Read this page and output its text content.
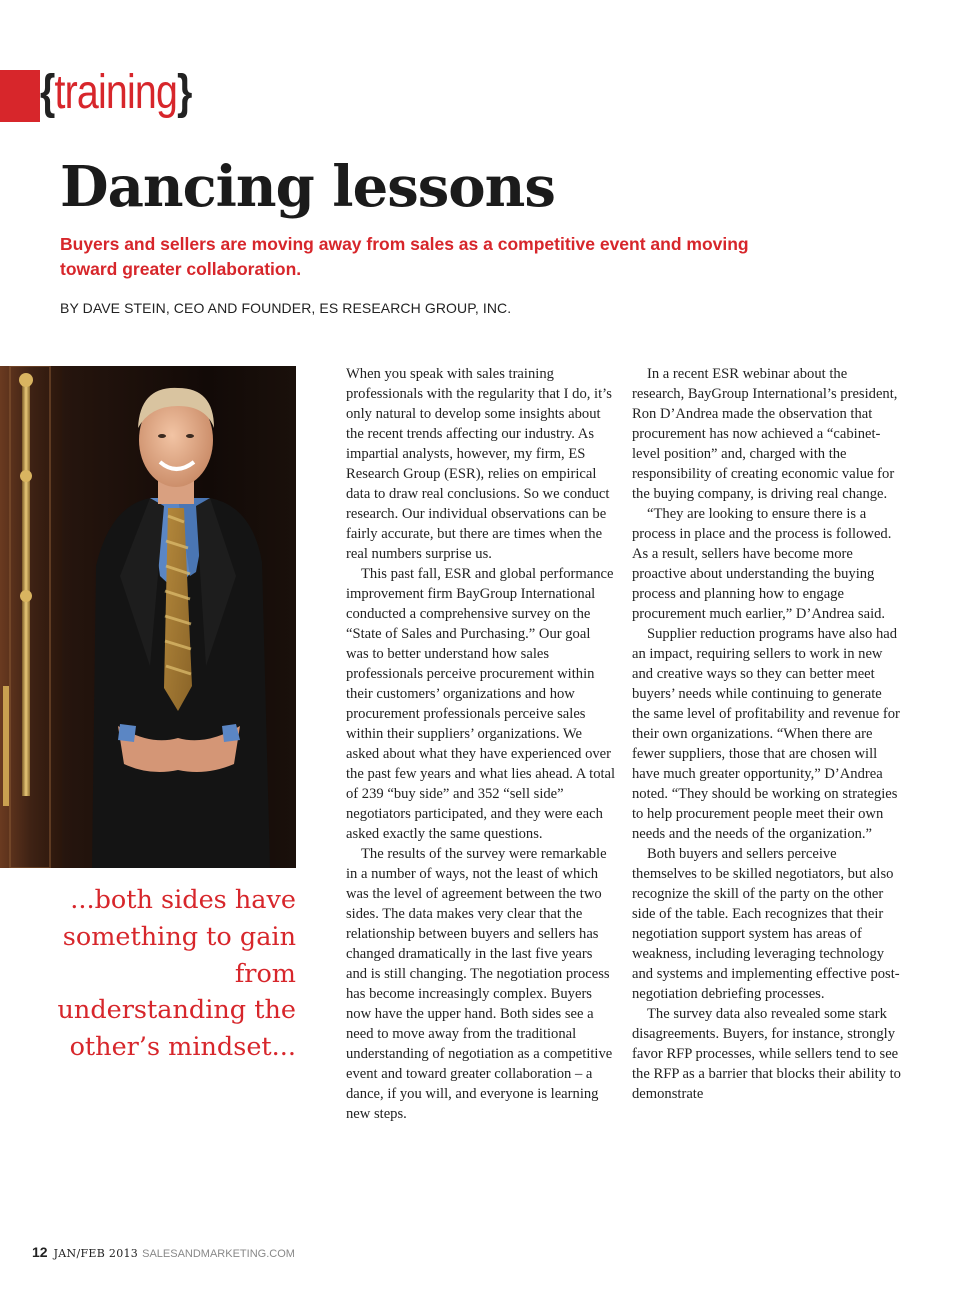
{training}
Dancing lessons

Buyers and sellers are moving away from sales as a competitive event and moving toward greater collaboration.

BY DAVE STEIN, CEO AND FOUNDER, ES RESEARCH GROUP, INC.

...both sides have something to gain from understanding the other’s mindset...

When you speak with sales training professionals with the regularity that I do, it’s only natural to develop some insights about the recent trends affecting our industry. As impartial analysts, however, my firm, ES Research Group (ESR), relies on empirical data to draw real conclusions. So we conduct research. Our individual observations can be fairly accurate, but there are times when the real numbers surprise us.

This past fall, ESR and global performance improvement firm BayGroup International conducted a comprehensive survey on the “State of Sales and Purchasing.” Our goal was to better understand how sales professionals perceive procurement within their customers’ organizations and how procurement professionals perceive sales within their suppliers’ organizations. We asked about what they have experienced over the past few years and what lies ahead. A total of 239 “buy side” and 352 “sell side” negotiators participated, and they were each asked exactly the same questions.

The results of the survey were remarkable in a number of ways, not the least of which was the level of agreement between the two sides. The data makes very clear that the relationship between buyers and sellers has changed dramatically in the last five years and is still changing. The negotiation process has become increasingly complex. Buyers now have the upper hand. Both sides see a need to move away from the traditional understanding of negotiation as a competitive event and toward greater collaboration – a dance, if you will, and everyone is learning new steps.

In a recent ESR webinar about the research, BayGroup International’s president, Ron D’Andrea made the observation that procurement has now achieved a “cabinet-level position” and, charged with the responsibility of creating economic value for the buying company, is driving real change.

“They are looking to ensure there is a process in place and the process is followed. As a result, sellers have become more proactive about understanding the buying process and planning how to engage procurement much earlier,” D’Andrea said.

Supplier reduction programs have also had an impact, requiring sellers to work in new and creative ways so they can better meet buyers’ needs while continuing to generate the same level of profitability and revenue for their own organizations. “When there are fewer suppliers, those that are chosen will have much greater opportunity,” D’Andrea noted. “They should be working on strategies to help procurement people meet their own needs and the needs of the organization.”

Both buyers and sellers perceive themselves to be skilled negotiators, but also recognize the skill of the party on the other side of the table. Each recognizes that their negotiation support system has areas of weakness, including leveraging technology and systems and implementing effective post-negotiation debriefing processes.

The survey data also revealed some stark disagreements. Buyers, for instance, strongly favor RFP processes, while sellers tend to see the RFP as a barrier that blocks their ability to demonstrate

12 JAN/FEB 2013 SALESANDMARKETING.COM
